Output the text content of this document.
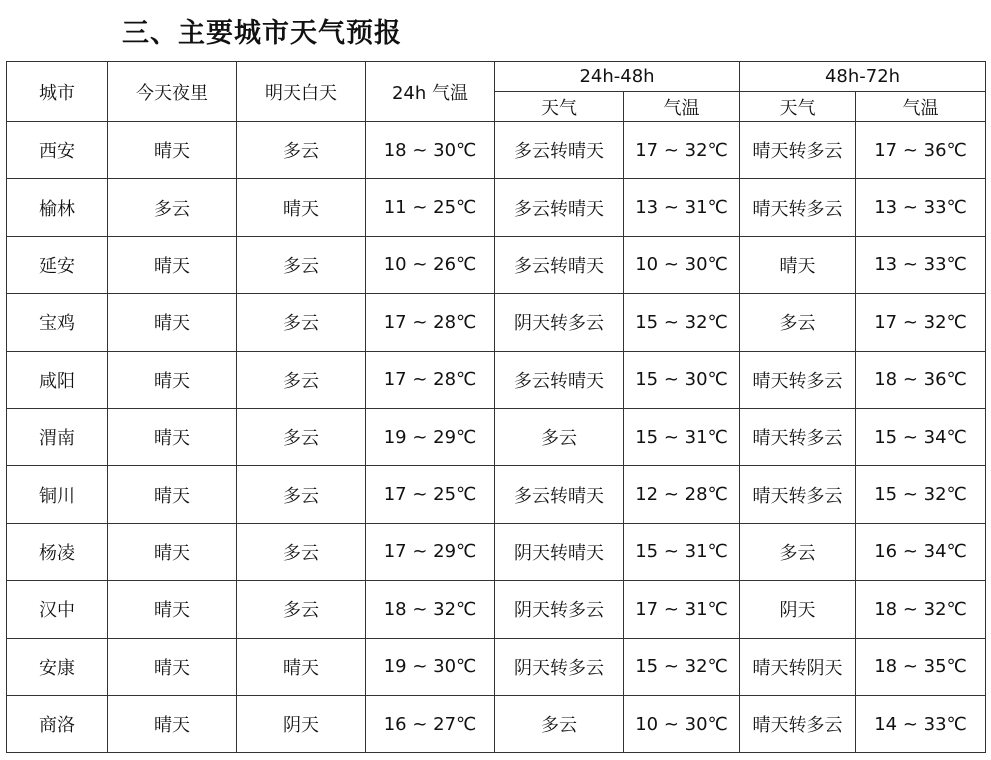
三、主要城市天气预报
城市	今天夜里	明天白天	24h 气温	24h-48h		48h-72h	
				天气	气温	天气	气温
西安	晴天	多云	18 ~ 30℃	多云转晴天	17 ~ 32℃	晴天转多云	17 ~ 36℃
榆林	多云	晴天	11 ~ 25℃	多云转晴天	13 ~ 31℃	晴天转多云	13 ~ 33℃
延安	晴天	多云	10 ~ 26℃	多云转晴天	10 ~ 30℃	晴天	13 ~ 33℃
宝鸡	晴天	多云	17 ~ 28℃	阴天转多云	15 ~ 32℃	多云	17 ~ 32℃
咸阳	晴天	多云	17 ~ 28℃	多云转晴天	15 ~ 30℃	晴天转多云	18 ~ 36℃
渭南	晴天	多云	19 ~ 29℃	多云	15 ~ 31℃	晴天转多云	15 ~ 34℃
铜川	晴天	多云	17 ~ 25℃	多云转晴天	12 ~ 28℃	晴天转多云	15 ~ 32℃
杨凌	晴天	多云	17 ~ 29℃	阴天转晴天	15 ~ 31℃	多云	16 ~ 34℃
汉中	晴天	多云	18 ~ 32℃	阴天转多云	17 ~ 31℃	阴天	18 ~ 32℃
安康	晴天	晴天	19 ~ 30℃	阴天转多云	15 ~ 32℃	晴天转阴天	18 ~ 35℃
商洛	晴天	阴天	16 ~ 27℃	多云	10 ~ 30℃	晴天转多云	14 ~ 33℃
